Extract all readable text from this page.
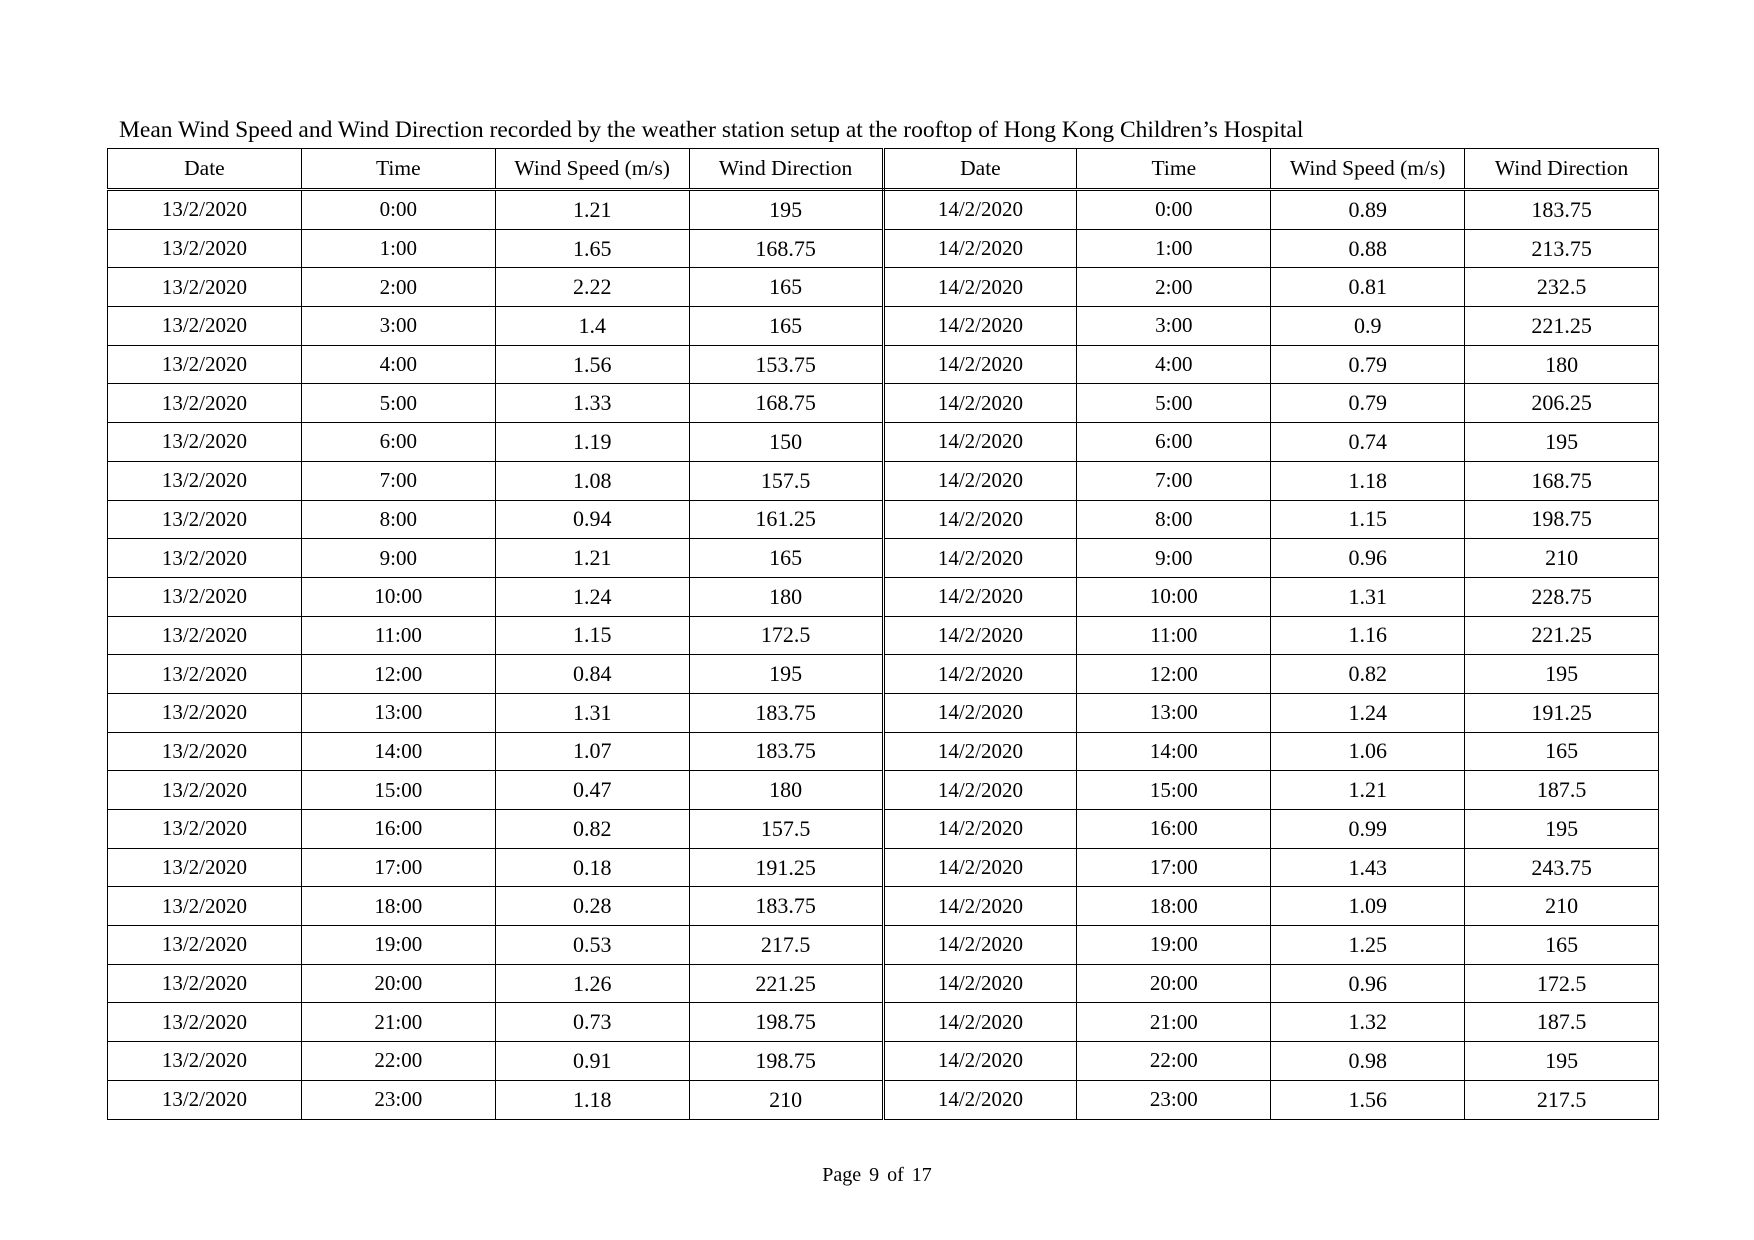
Mean Wind Speed and Wind Direction recorded by the weather station setup at the rooftop of Hong Kong Children’s Hospital
Date	Time	Wind Speed (m/s)	Wind Direction	Date	Time	Wind Speed (m/s)	Wind Direction
13/2/2020	0:00	1.21	195	14/2/2020	0:00	0.89	183.75
13/2/2020	1:00	1.65	168.75	14/2/2020	1:00	0.88	213.75
13/2/2020	2:00	2.22	165	14/2/2020	2:00	0.81	232.5
13/2/2020	3:00	1.4	165	14/2/2020	3:00	0.9	221.25
13/2/2020	4:00	1.56	153.75	14/2/2020	4:00	0.79	180
13/2/2020	5:00	1.33	168.75	14/2/2020	5:00	0.79	206.25
13/2/2020	6:00	1.19	150	14/2/2020	6:00	0.74	195
13/2/2020	7:00	1.08	157.5	14/2/2020	7:00	1.18	168.75
13/2/2020	8:00	0.94	161.25	14/2/2020	8:00	1.15	198.75
13/2/2020	9:00	1.21	165	14/2/2020	9:00	0.96	210
13/2/2020	10:00	1.24	180	14/2/2020	10:00	1.31	228.75
13/2/2020	11:00	1.15	172.5	14/2/2020	11:00	1.16	221.25
13/2/2020	12:00	0.84	195	14/2/2020	12:00	0.82	195
13/2/2020	13:00	1.31	183.75	14/2/2020	13:00	1.24	191.25
13/2/2020	14:00	1.07	183.75	14/2/2020	14:00	1.06	165
13/2/2020	15:00	0.47	180	14/2/2020	15:00	1.21	187.5
13/2/2020	16:00	0.82	157.5	14/2/2020	16:00	0.99	195
13/2/2020	17:00	0.18	191.25	14/2/2020	17:00	1.43	243.75
13/2/2020	18:00	0.28	183.75	14/2/2020	18:00	1.09	210
13/2/2020	19:00	0.53	217.5	14/2/2020	19:00	1.25	165
13/2/2020	20:00	1.26	221.25	14/2/2020	20:00	0.96	172.5
13/2/2020	21:00	0.73	198.75	14/2/2020	21:00	1.32	187.5
13/2/2020	22:00	0.91	198.75	14/2/2020	22:00	0.98	195
13/2/2020	23:00	1.18	210	14/2/2020	23:00	1.56	217.5
Page 9 of 17
